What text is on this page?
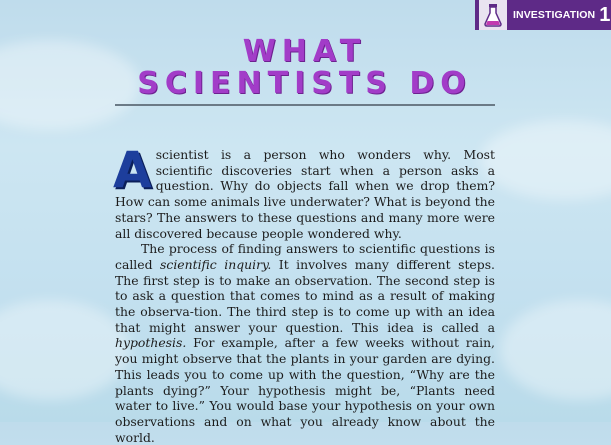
INVESTIGATION 1
WHAT
SCIENTISTS DO

Ascientist is a person who wonders why. Most scientific discoveries start when a person asks a question. Why do objects fall when we drop them? How can some animals live underwater? What is beyond the stars? The answers to these questions and many more were all discovered because people wondered why.

The process of finding answers to scientific questions is called scientific inquiry. It involves many different steps. The first step is to make an observation. The second step is to ask a question that comes to mind as a result of making the observa-tion. The third step is to come up with an idea that might answer your question. This idea is called a hypothesis. For example, after a few weeks without rain, you might observe that the plants in your garden are dying. This leads you to come up with the question, “Why are the plants dying?” Your hypothesis might be, “Plants need water to live.” You would base your hypothesis on your own observations and on what you already know about the world.
